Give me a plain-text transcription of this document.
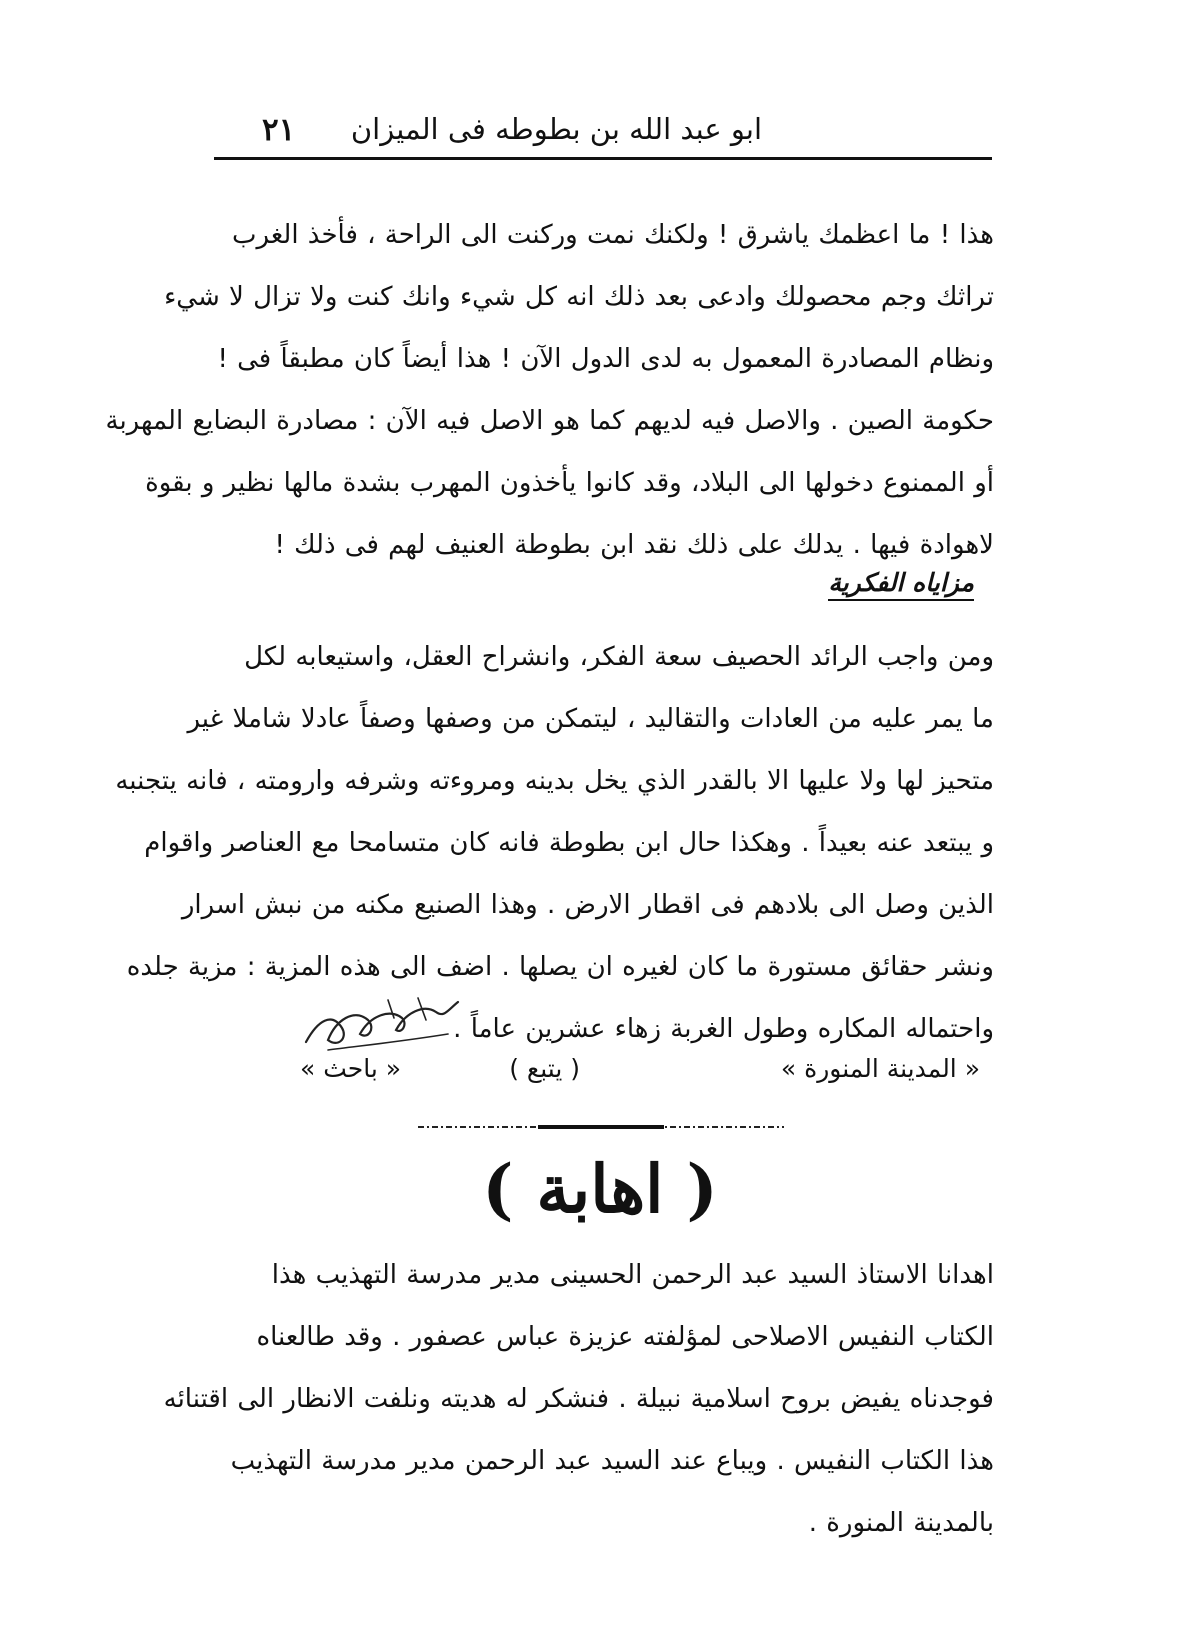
ابو عبد الله بن بطوطه فى الميزان
٢١

هذا ! ما اعظمك ياشرق ! ولكنك نمت وركنت الى الراحة ، فأخذ الغرب
تراثك وجم محصولك وادعى بعد ذلك انه كل شيء وانك كنت ولا تزال لا شيء
ونظام المصادرة المعمول به لدى الدول الآن ! هذا أيضاً كان مطبقاً فى !
حكومة الصين . والاصل فيه لديهم كما هو الاصل فيه الآن : مصادرة البضايع المهربة
أو الممنوع دخولها الى البلاد، وقد كانوا يأخذون المهرب بشدة مالها نظير و بقوة
لاهوادة فيها . يدلك على ذلك نقد ابن بطوطة العنيف لهم فى ذلك !

مزاياه الفكرية

ومن واجب الرائد الحصيف سعة الفكر، وانشراح العقل، واستيعابه لكل
ما يمر عليه من العادات والتقاليد ، ليتمكن من وصفها وصفاً عادلا شاملا غير
متحيز لها ولا عليها الا بالقدر الذي يخل بدينه ومروءته وشرفه وارومته ، فانه يتجنبه
و يبتعد عنه بعيداً . وهكذا حال ابن بطوطة فانه كان متسامحا مع العناصر واقوام
الذين وصل الى بلادهم فى اقطار الارض . وهذا الصنيع مكنه من نبش اسرار
ونشر حقائق مستورة ما كان لغيره ان يصلها . اضف الى هذه المزية : مزية جلده
واحتماله المكاره وطول الغربة زهاء عشرين عاماً .

« المدينة المنورة »
( يتبع )
« باحث »
( اهابة )

اهدانا الاستاذ السيد عبد الرحمن الحسينى مدير مدرسة التهذيب هذا
الكتاب النفيس الاصلاحى لمؤلفته عزيزة عباس عصفور . وقد طالعناه
فوجدناه يفيض بروح اسلامية نبيلة . فنشكر له هديته ونلفت الانظار الى اقتنائه
هذا الكتاب النفيس . ويباع عند السيد عبد الرحمن مدير مدرسة التهذيب
بالمدينة المنورة .
